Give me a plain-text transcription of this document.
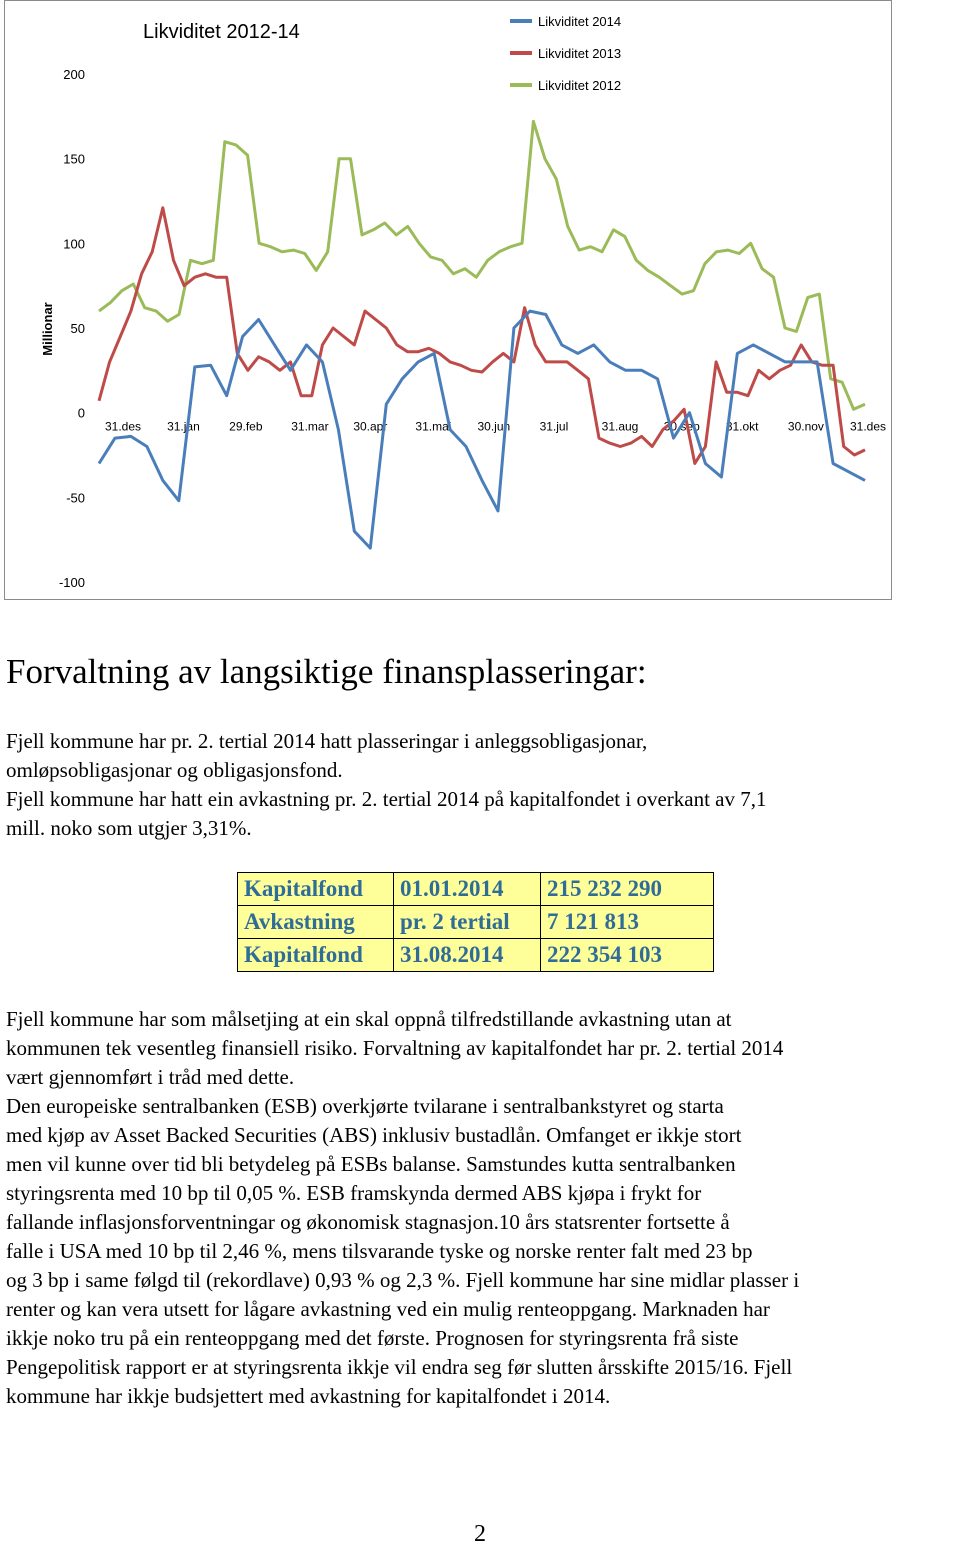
Likviditet 2012-14
Millionar
200
150
100
50
0
-50
-100
31.des 31.jan 29.feb 31.mar 30.apr 31.mai 30.jun 31.jul	31.aug 30.sep 31.okt 30.nov 31.des
Likviditet 2014
Likviditet 2013
Likviditet 2012
Forvaltning av langsiktige finansplasseringar:
Fjell kommune har pr. 2. tertial 2014 hatt plasseringar i anleggsobligasjonar,
omløpsobligasjonar og obligasjonsfond.
Fjell kommune har hatt ein avkastning pr. 2. tertial 2014 på kapitalfondet i overkant av 7,1
mill. noko som utgjer 3,31%.
Kapitalfond	01.01.2014	215 232 290
Avkastning	pr. 2 tertial	7 121 813
Kapitalfond	31.08.2014	222 354 103
Fjell kommune har som målsetjing at ein skal oppnå tilfredstillande avkastning utan at
kommunen tek vesentleg finansiell risiko. Forvaltning av kapitalfondet har pr. 2. tertial 2014
vært gjennomført i tråd med dette.
Den europeiske sentralbanken (ESB) overkjørte tvilarane i sentralbankstyret og starta
med kjøp av Asset Backed Securities (ABS) inklusiv bustadlån. Omfanget er ikkje stort
men vil kunne over tid bli betydeleg på ESBs balanse. Samstundes kutta sentralbanken
styringsrenta med 10 bp til 0,05 %. ESB framskynda dermed ABS kjøpa i frykt for
fallande inflasjonsforventningar og økonomisk stagnasjon.10 års statsrenter fortsette å
falle i USA med 10 bp til 2,46 %, mens tilsvarande tyske og norske renter falt med 23 bp
og 3 bp i same følgd til (rekordlave) 0,93 % og 2,3 %. Fjell kommune har sine midlar plasser i
renter og kan vera utsett for lågare avkastning ved ein mulig renteoppgang. Marknaden har
ikkje noko tru på ein renteoppgang med det første. Prognosen for styringsrenta frå siste
Pengepolitisk rapport er at styringsrenta ikkje vil endra seg før slutten årsskifte 2015/16. Fjell
kommune har ikkje budsjettert med avkastning for kapitalfondet i 2014.
2
